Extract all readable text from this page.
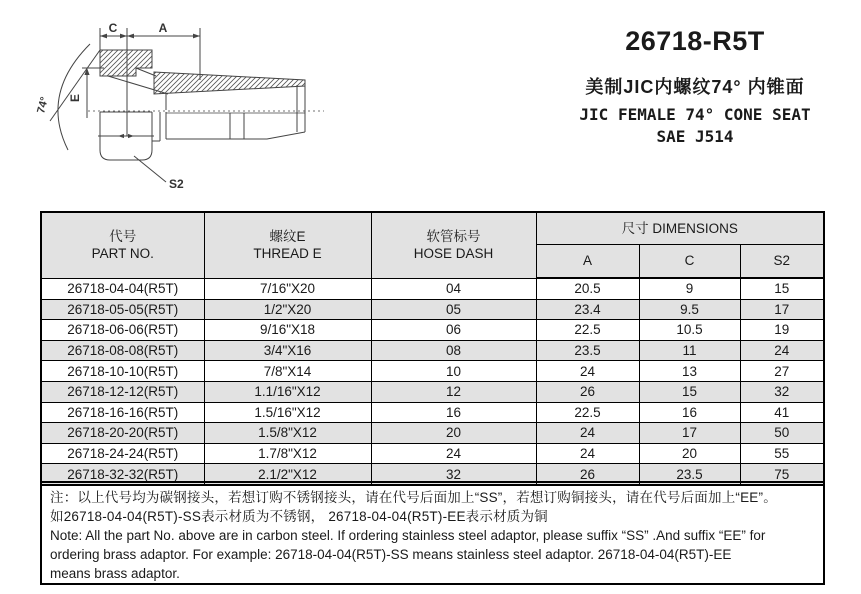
C	A
74° E
S2
26718-R5T
美制JIC内螺纹74° 内锥面
JIC FEMALE 74° CONE SEAT
SAE J514
代号
PART NO.

螺纹E
THREAD E

软管标号
HOSE DASH
	尺寸 DIMENSIONS
			A	C	S2
26718-04-04(R5T)	7/16"X20	04	20.5	9	15
26718-05-05(R5T)	1/2"X20	05	23.4	9.5	17
26718-06-06(R5T)	9/16"X18	06	22.5	10.5	19
26718-08-08(R5T)	3/4"X16	08	23.5	11	24
26718-10-10(R5T)	7/8"X14	10	24	13	27
26718-12-12(R5T)	1.1/16"X12	12	26	15	32
26718-16-16(R5T)	1.5/16"X12	16	22.5	16	41
26718-20-20(R5T)	1.5/8"X12	20	24	17	50
26718-24-24(R5T)	1.7/8"X12	24	24	20	55
26718-32-32(R5T)	2.1/2"X12	32	26	23.5	75
注：以上代号均为碳钢接头，若想订购不锈钢接头，请在代号后面加上“SS”，若想订购铜接头，请在代号后面加上“EE”。
如26718-04-04(R5T)-SS表示材质为不锈钢， 26718-04-04(R5T)-EE表示材质为铜
Note: All the part No. above are in carbon steel. If ordering stainless steel adaptor, please suffix “SS” .And suffix “EE” for
ordering brass adaptor. For example: 26718-04-04(R5T)-SS means stainless steel adaptor. 26718-04-04(R5T)-EE
means brass adaptor.
